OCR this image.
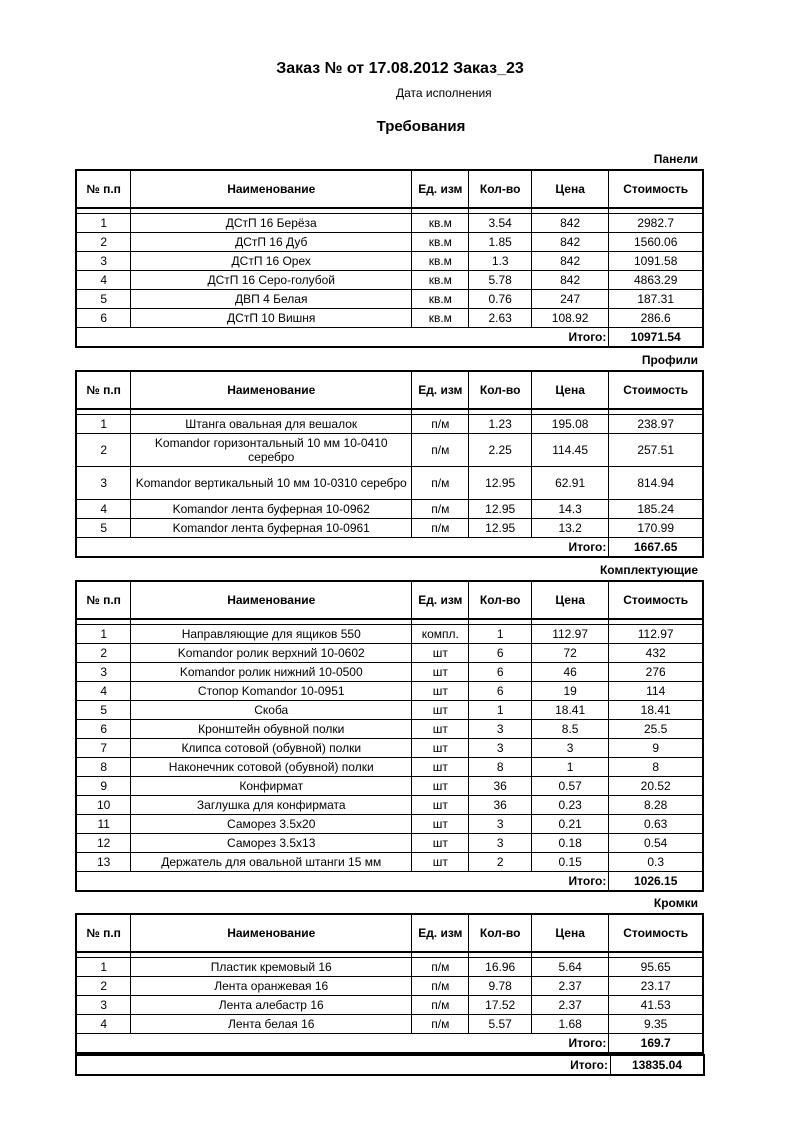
Заказ № от 17.08.2012 Заказ_23
Дата исполнения
Требования
Панели
№ п.п	Наименование	Ед. изм	Кол-во	Цена	Стоимость

1	ДСтП 16 Берёза	кв.м	3.54	842	2982.7
2	ДСтП 16 Дуб	кв.м	1.85	842	1560.06
3	ДСтП 16 Орех	кв.м	1.3	842	1091.58
4	ДСтП 16 Серо-голубой	кв.м	5.78	842	4863.29
5	ДВП 4 Белая	кв.м	0.76	247	187.31
6	ДСтП 10 Вишня	кв.м	2.63	108.92	286.6
				Итого:	10971.54
Профили
№ п.п	Наименование	Ед. изм	Кол-во	Цена	Стоимость

1	Штанга овальная для вешалок	п/м	1.23	195.08	238.97
2	Komandor горизонтальный 10 мм 10-0410 серебро	п/м	2.25	114.45	257.51
3	Komandor вертикальный 10 мм 10-0310 серебро	п/м	12.95	62.91	814.94
4	Komandor лента буферная 10-0962	п/м	12.95	14.3	185.24
5	Komandor лента буферная 10-0961	п/м	12.95	13.2	170.99
				Итого:	1667.65
Комплектующие
№ п.п	Наименование	Ед. изм	Кол-во	Цена	Стоимость

1	Направляющие для ящиков 550	компл.	1	112.97	112.97
2	Komandor ролик верхний 10-0602	шт	6	72	432
3	Komandor ролик нижний 10-0500	шт	6	46	276
4	Стопор Komandor 10-0951	шт	6	19	114
5	Скоба	шт	1	18.41	18.41
6	Кронштейн обувной полки	шт	3	8.5	25.5
7	Клипса сотовой (обувной) полки	шт	3	3	9
8	Наконечник сотовой (обувной) полки	шт	8	1	8
9	Конфирмат	шт	36	0.57	20.52
10	Заглушка для конфирмата	шт	36	0.23	8.28
11	Саморез 3.5х20	шт	3	0.21	0.63
12	Саморез 3.5х13	шт	3	0.18	0.54
13	Держатель для овальной штанги 15 мм	шт	2	0.15	0.3
				Итого:	1026.15
Кромки
№ п.п	Наименование	Ед. изм	Кол-во	Цена	Стоимость

1	Пластик кремовый 16	п/м	16.96	5.64	95.65
2	Лента оранжевая 16	п/м	9.78	2.37	23.17
3	Лента алебастр 16	п/м	17.52	2.37	41.53
4	Лента белая 16	п/м	5.57	1.68	9.35
				Итого:	169.7
	Итого:	13835.04
